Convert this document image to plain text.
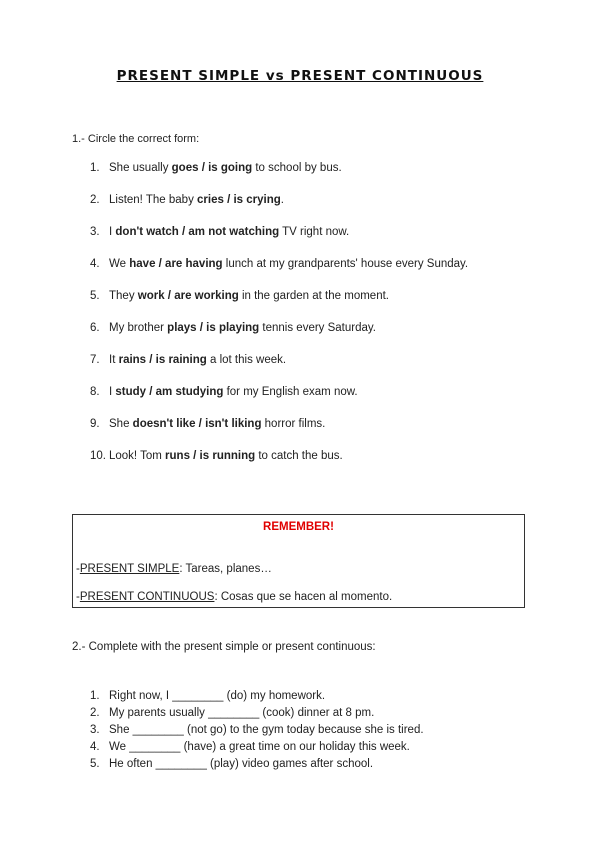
PRESENT SIMPLE vs PRESENT CONTINUOUS
1.- Circle the correct form:
1. She usually goes / is going to school by bus.
2. Listen! The baby cries / is crying.
3. I don't watch / am not watching TV right now.
4. We have / are having lunch at my grandparents' house every Sunday.
5. They work / are working in the garden at the moment.
6. My brother plays / is playing tennis every Saturday.
7. It rains / is raining a lot this week.
8. I study / am studying for my English exam now.
9. She doesn't like / isn't liking horror films.
10. Look! Tom runs / is running to catch the bus.
REMEMBER!
-PRESENT SIMPLE: Tareas, planes…
-PRESENT CONTINUOUS: Cosas que se hacen al momento.
2.- Complete with the present simple or present continuous:
1. Right now, I ________ (do) my homework.
2. My parents usually ________ (cook) dinner at 8 pm.
3. She ________ (not go) to the gym today because she is tired.
4. We ________ (have) a great time on our holiday this week.
5. He often ________ (play) video games after school.
